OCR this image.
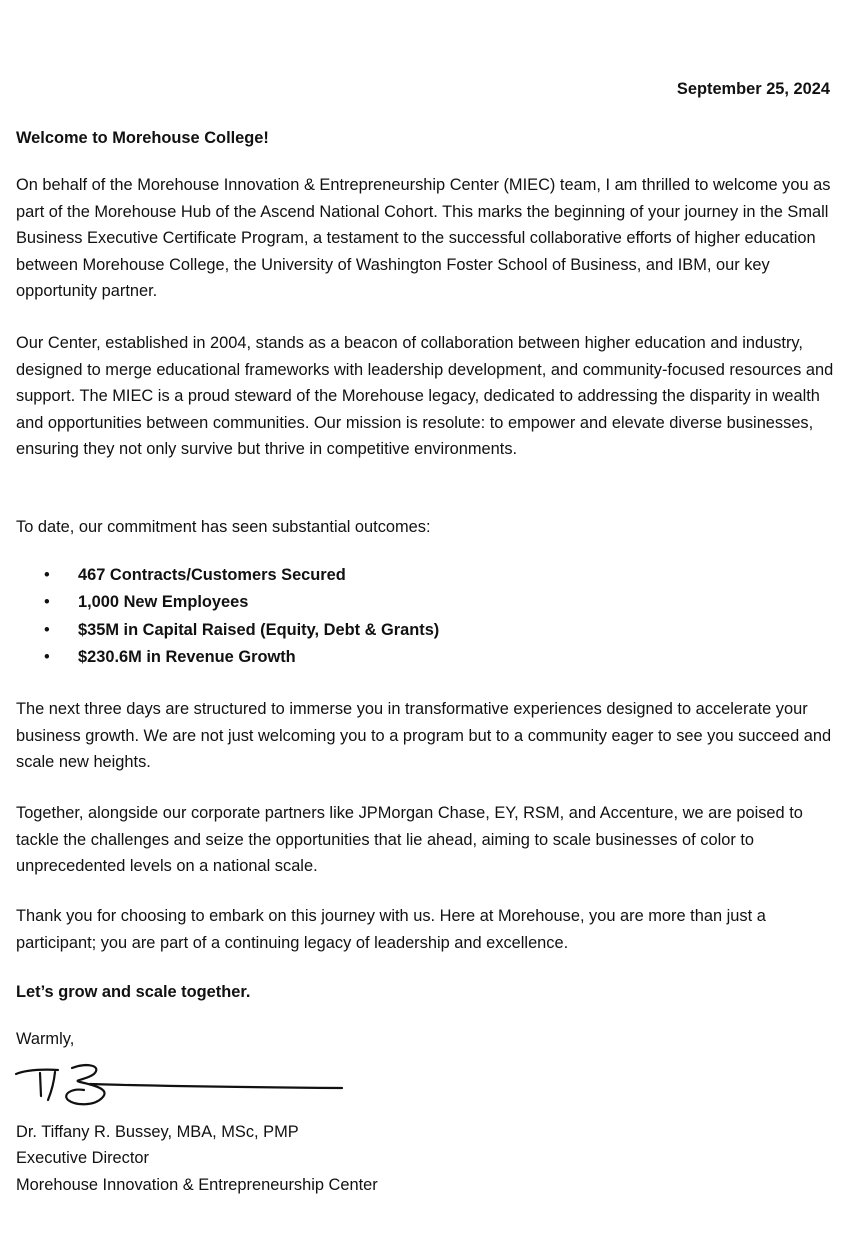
September 25, 2024
Welcome to Morehouse College!

On behalf of the Morehouse Innovation & Entrepreneurship Center (MIEC) team, I am thrilled to welcome you as part of the Morehouse Hub of the Ascend National Cohort. This marks the beginning of your journey in the Small Business Executive Certificate Program, a testament to the successful collaborative efforts of higher education between Morehouse College, the University of Washington Foster School of Business, and IBM, our key opportunity partner.

Our Center, established in 2004, stands as a beacon of collaboration between higher education and industry, designed to merge educational frameworks with leadership development, and community-focused resources and support. The MIEC is a proud steward of the Morehouse legacy, dedicated to addressing the disparity in wealth and opportunities between communities. Our mission is resolute: to empower and elevate diverse businesses, ensuring they not only survive but thrive in competitive environments.

To date, our commitment has seen substantial outcomes:

• 467 Contracts/Customers Secured
• 1,000 New Employees
• $35M in Capital Raised (Equity, Debt & Grants)
• $230.6M in Revenue Growth

The next three days are structured to immerse you in transformative experiences designed to accelerate your business growth. We are not just welcoming you to a program but to a community eager to see you succeed and scale new heights.

Together, alongside our corporate partners like JPMorgan Chase, EY, RSM, and Accenture, we are poised to tackle the challenges and seize the opportunities that lie ahead, aiming to scale businesses of color to unprecedented levels on a national scale.

Thank you for choosing to embark on this journey with us. Here at Morehouse, you are more than just a participant; you are part of a continuing legacy of leadership and excellence.

Let’s grow and scale together.
Warmly,
Dr. Tiffany R. Bussey, MBA, MSc, PMP
Executive Director
Morehouse Innovation & Entrepreneurship Center
